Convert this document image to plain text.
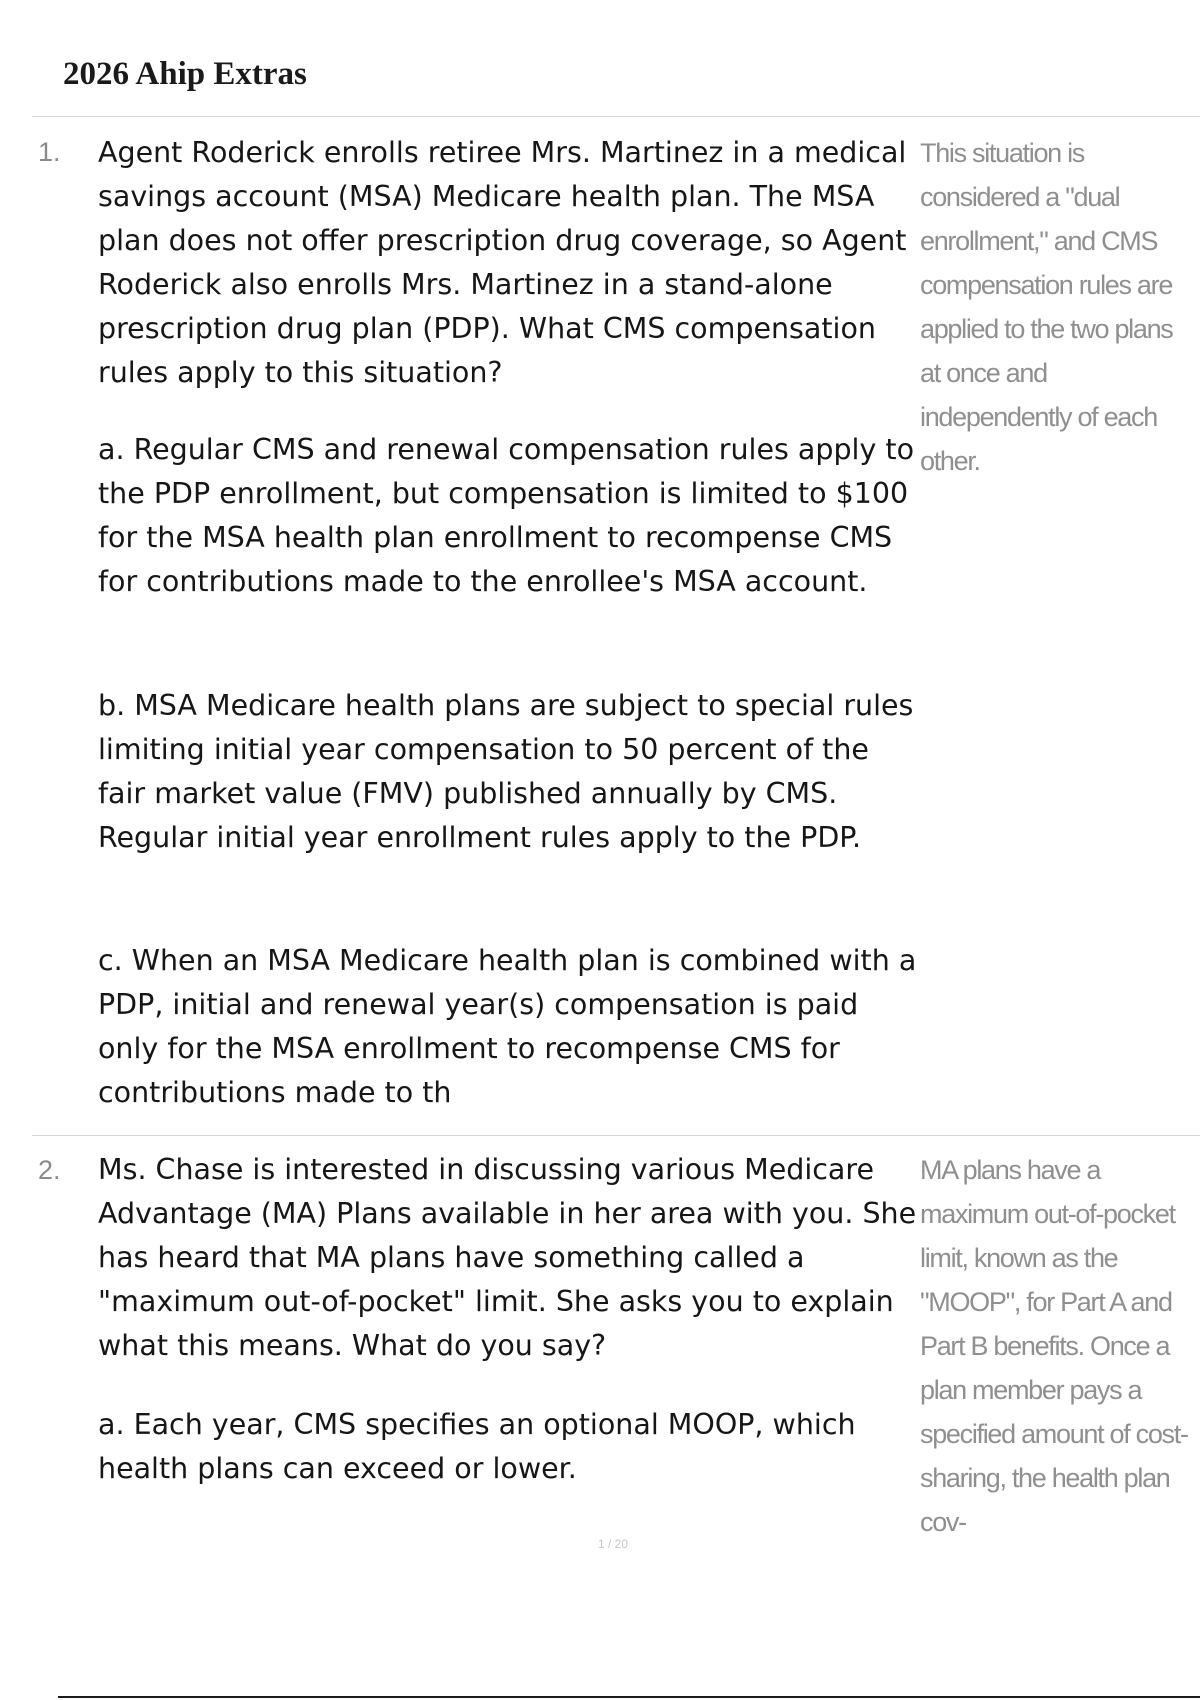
2026 Ahip Extras
1. Agent Roderick enrolls retiree Mrs. Martinez in a medical savings account (MSA) Medicare health plan. The MSA plan does not offer prescription drug coverage, so Agent Roderick also enrolls Mrs. Martinez in a stand-alone prescription drug plan (PDP). What CMS compensation rules apply to this situation?

This situation is considered a "dual enrollment," and CMS compensation rules are applied to the two plans at once and independently of each other.

a. Regular CMS and renewal compensation rules apply to the PDP enrollment, but compensation is limited to $100 for the MSA health plan enrollment to recompense CMS for contributions made to the enrollee's MSA account.

b. MSA Medicare health plans are subject to special rules limiting initial year compensation to 50 percent of the fair market value (FMV) published annually by CMS. Regular initial year enrollment rules apply to the PDP.

c. When an MSA Medicare health plan is combined with a PDP, initial and renewal year(s) compensation is paid only for the MSA enrollment to recompense CMS for contributions made to th

2. Ms. Chase is interested in discussing various Medicare Advantage (MA) Plans available in her area with you. She has heard that MA plans have something called a "maximum out-of-pocket" limit. She asks you to explain what this means. What do you say?

MA plans have a maximum out-of-pocket limit, known as the "MOOP", for Part A and Part B benefits. Once a plan member pays a specified amount of cost-sharing, the health plan cov-

a. Each year, CMS specifies an optional MOOP, which health plans can exceed or lower.

1 / 20
